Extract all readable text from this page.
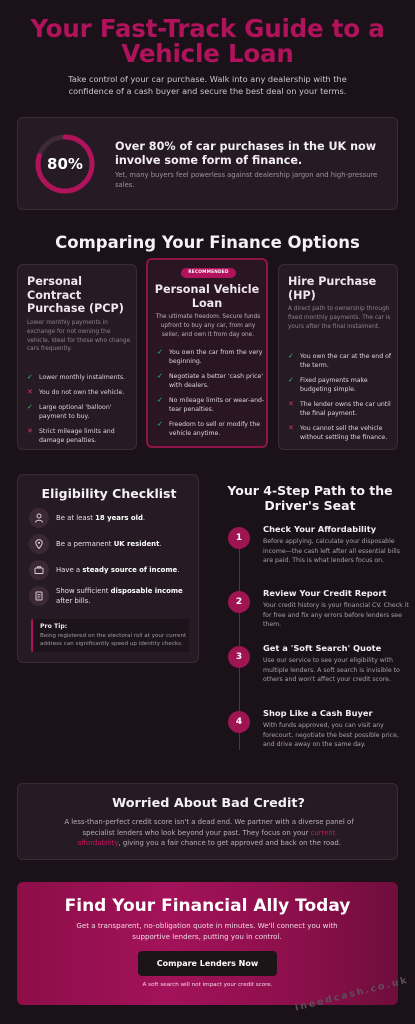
Your Fast-Track Guide to a
Vehicle Loan

Take control of your car purchase. Walk into any dealership with the confidence of a cash buyer and secure the best deal on your terms.

80%
Over 80% of car purchases in the UK now involve some form of finance.

Yet, many buyers feel powerless against dealership jargon and high-pressure sales.

Comparing Your Finance Options
Personal Contract Purchase (PCP)
Lower monthly payments in exchange for not owning the vehicle. Ideal for those who change cars frequently.
✓ Lower monthly instalments.
✕ You do not own the vehicle.
✓ Large optional 'balloon' payment to buy.
✕ Strict mileage limits and damage penalties.
RECOMMENDED
Personal Vehicle Loan
The ultimate freedom. Secure funds upfront to buy any car, from any seller, and own it from day one.
✓ You own the car from the very beginning.
✓ Negotiate a better 'cash price' with dealers.
✓ No mileage limits or wear-and-tear penalties.
✓ Freedom to sell or modify the vehicle anytime.
Hire Purchase (HP)
A direct path to ownership through fixed monthly payments. The car is yours after the final instalment.
✓ You own the car at the end of the term.
✓ Fixed payments make budgeting simple.
✕ The lender owns the car until the final payment.
✕ You cannot sell the vehicle without settling the finance.
Eligibility Checklist
Be at least 18 years old.
Be a permanent UK resident.
Have a steady source of income.
Show sufficient disposable income after bills.
Pro Tip:
Being registered on the electoral roll at your current address can significantly speed up identity checks.
Your 4-Step Path to the Driver's Seat
1
Check Your Affordability

Before applying, calculate your disposable income—the cash left after all essential bills are paid. This is what lenders focus on.

2
Review Your Credit Report

Your credit history is your financial CV. Check it for free and fix any errors before lenders see them.

3
Get a 'Soft Search' Quote

Use our service to see your eligibility with multiple lenders. A soft search is invisible to others and won't affect your credit score.

4
Shop Like a Cash Buyer

With funds approved, you can visit any forecourt, negotiate the best possible price, and drive away on the same day.

Worried About Bad Credit?

A less-than-perfect credit score isn't a dead end. We partner with a diverse panel of specialist lenders who look beyond your past. They focus on your current affordability, giving you a fair chance to get approved and back on the road.

Find Your Financial Ally Today

Get a transparent, no-obligation quote in minutes. We'll connect you with supportive lenders, putting you in control.

Compare Lenders Now
A soft search will not impact your credit score.	ineedcash.co.uk
